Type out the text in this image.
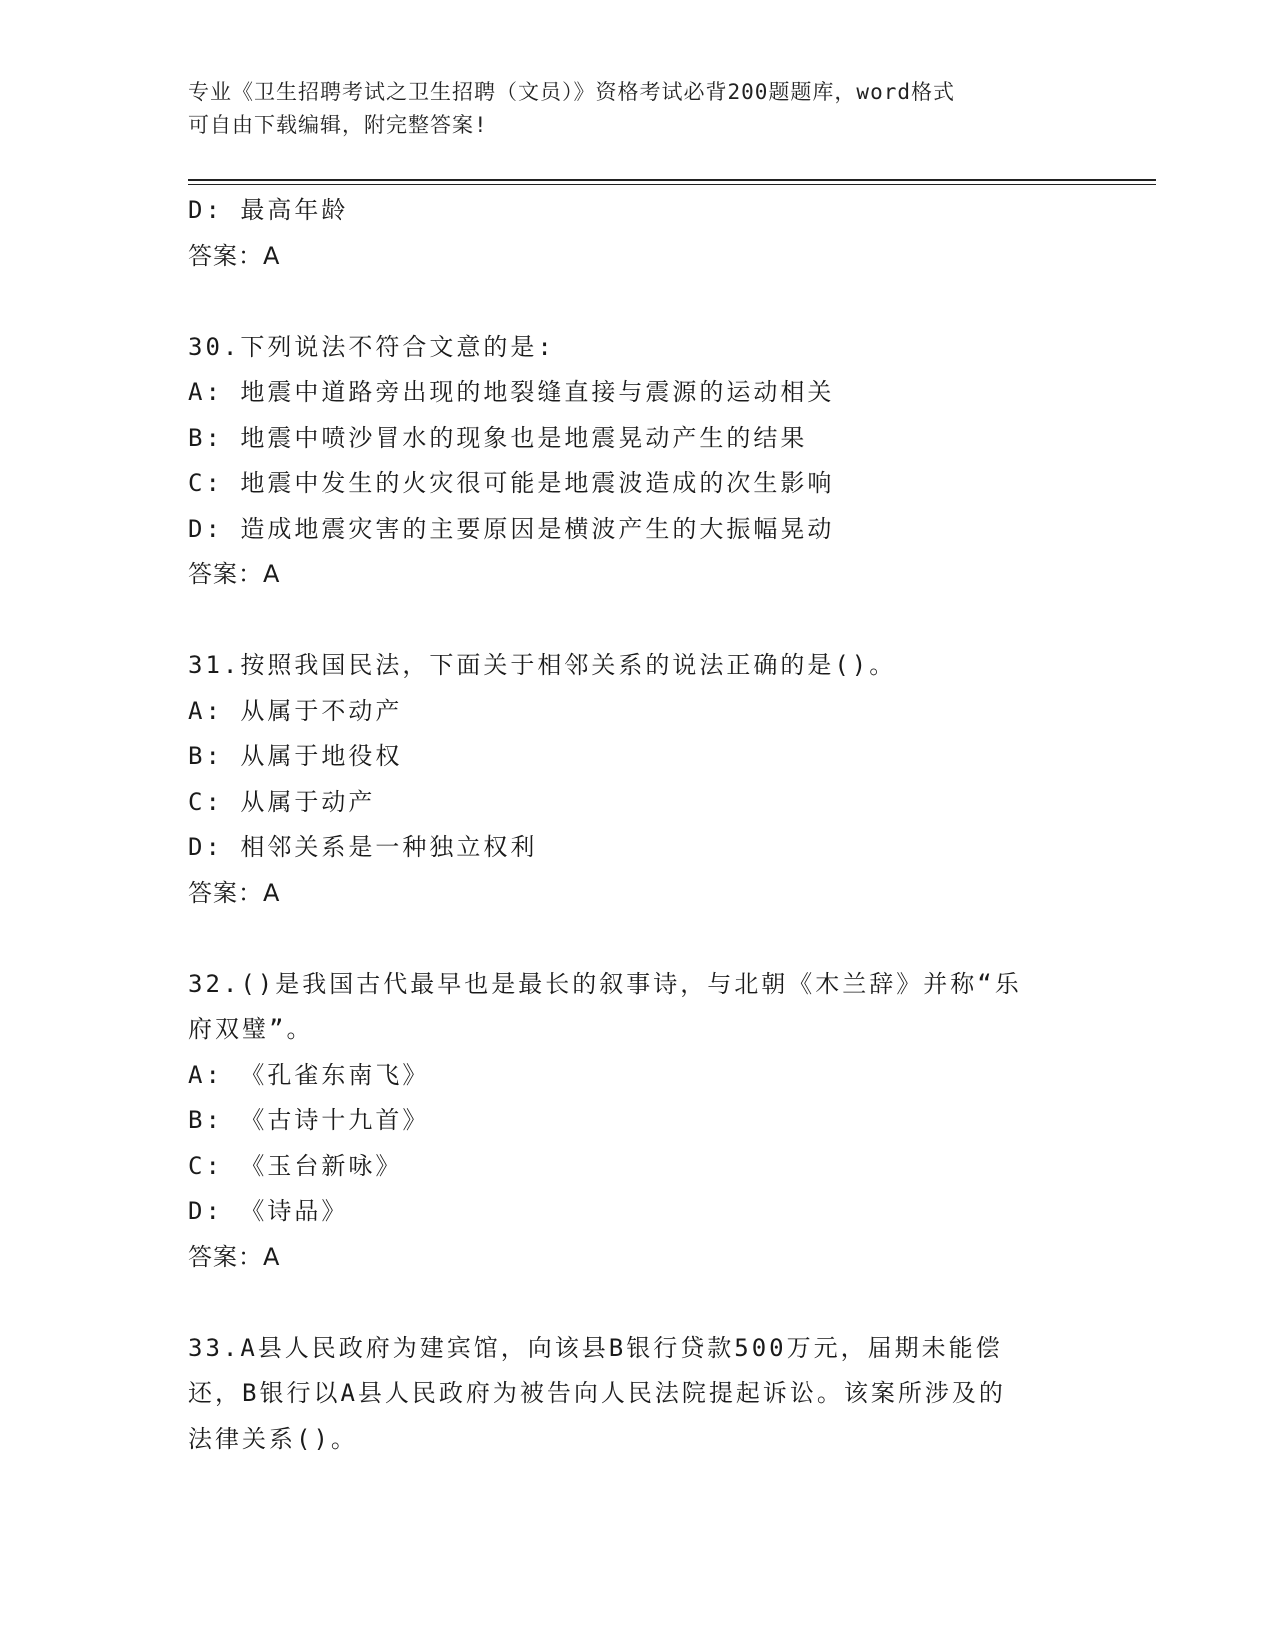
专业《卫生招聘考试之卫生招聘（文员）》资格考试必背200题题库，word格式
可自由下载编辑，附完整答案!
D: 最高年龄
答案：A
30.下列说法不符合文意的是:
A: 地震中道路旁出现的地裂缝直接与震源的运动相关
B: 地震中喷沙冒水的现象也是地震晃动产生的结果
C: 地震中发生的火灾很可能是地震波造成的次生影响
D: 造成地震灾害的主要原因是横波产生的大振幅晃动
答案：A
31.按照我国民法，下面关于相邻关系的说法正确的是()。
A: 从属于不动产
B: 从属于地役权
C: 从属于动产
D: 相邻关系是一种独立权利
答案：A
32.()是我国古代最早也是最长的叙事诗，与北朝《木兰辞》并称“乐
府双璧”。
A: 《孔雀东南飞》
B: 《古诗十九首》
C: 《玉台新咏》
D: 《诗品》
答案：A
33.A县人民政府为建宾馆，向该县B银行贷款500万元，届期未能偿
还，B银行以A县人民政府为被告向人民法院提起诉讼。该案所涉及的
法律关系()。
